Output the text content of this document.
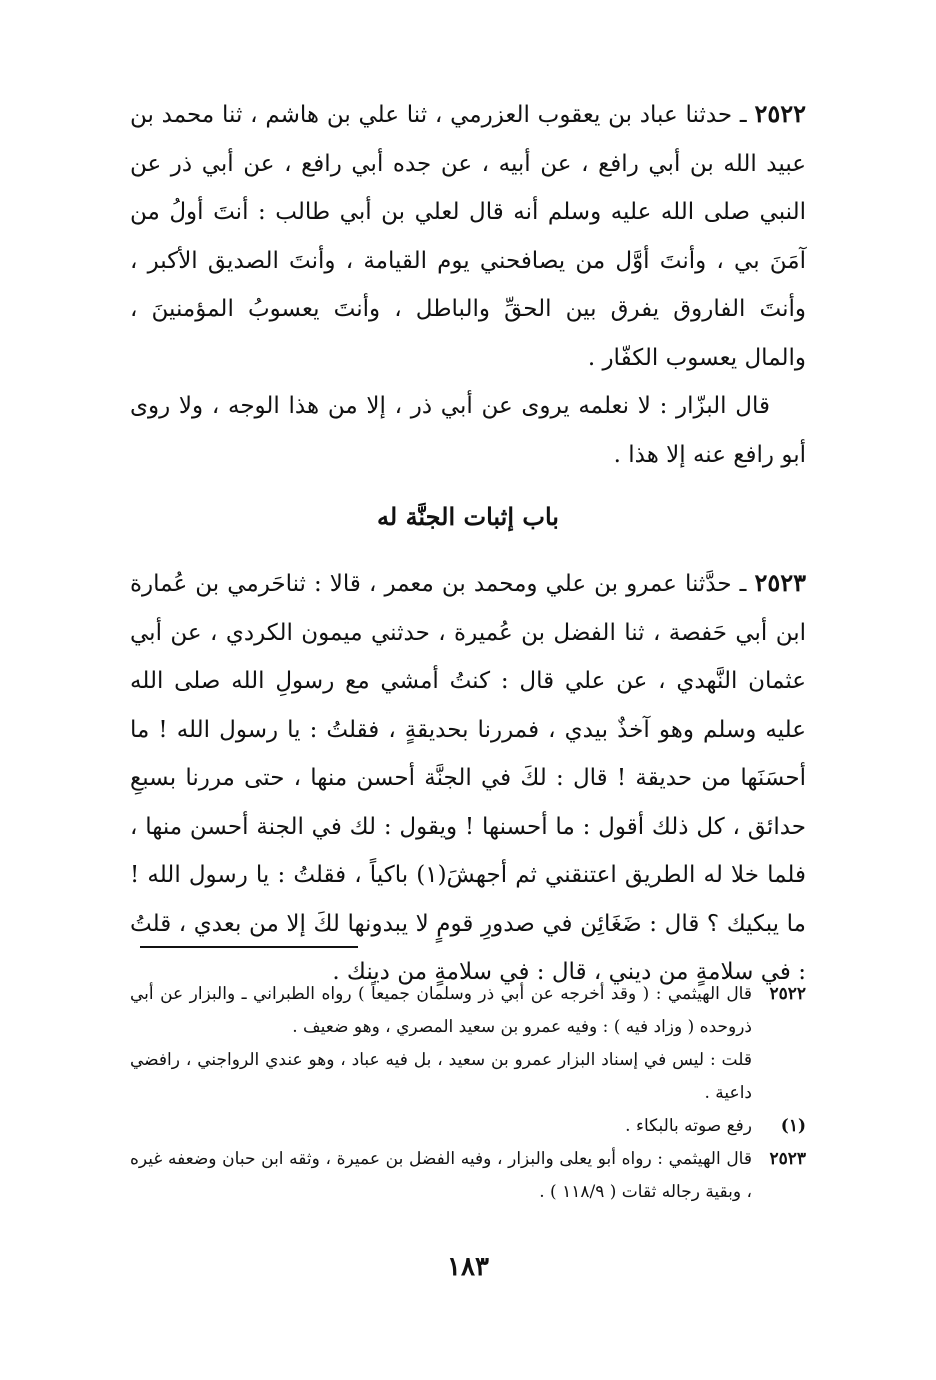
٢٥٢٢ ـ حدثنا عباد بن يعقوب العزرمي ، ثنا علي بن هاشم ، ثنا محمد بن عبيد الله بن أبي رافع ، عن أبيه ، عن جده أبي رافع ، عن أبي ذر عن النبي صلى الله عليه وسلم أنه قال لعلي بن أبي طالب : أنتَ أولُ من آمَنَ بي ، وأنتَ أوَّل من يصافحني يوم القيامة ، وأنتَ الصديق الأكبر ، وأنتَ الفاروق يفرق بين الحقِّ والباطل ، وأنتَ يعسوبُ المؤمنينَ ، والمال يعسوب الكفّار .

قال البزّار : لا نعلمه يروى عن أبي ذر ، إلا من هذا الوجه ، ولا روى أبو رافع عنه إلا هذا .

باب إثبات الجنَّة له

٢٥٢٣ ـ حدَّثنا عمرو بن علي ومحمد بن معمر ، قالا : ثناحَرمي بن عُمارة ابن أبي حَفصة ، ثنا الفضل بن عُميرة ، حدثني ميمون الكردي ، عن أبي عثمان النَّهدي ، عن علي قال : كنتُ أمشي مع رسولِ الله صلى الله عليه وسلم وهو آخذٌ بيدي ، فمررنا بحديقةٍ ، فقلتُ : يا رسول الله ! ما أحسَنَها من حديقة ! قال : لكَ في الجنَّة أحسن منها ، حتى مررنا بسبعِ حدائق ، كل ذلك أقول : ما أحسنها ! ويقول : لك في الجنة أحسن منها ، فلما خلا له الطريق اعتنقني ثم أجهشَ(١) باكياً ، فقلتُ : يا رسول الله ! ما يبكيك ؟ قال : ضَغَائِن في صدورِ قومٍ لا يبدونها لكَ إلا من بعدي ، قلتُ : في سلامةٍ من ديني ، قال : في سلامةٍ من دينك .

٢٥٢٢

قال الهيثمي : ( وقد أخرجه عن أبي ذر وسلمان جميعاً ) رواه الطبراني ـ والبزار عن أبي ذروحده ( وزاد فيه ) : وفيه عمرو بن سعيد المصري ، وهو ضعيف .

قلت : ليس في إسناد البزار عمرو بن سعيد ، بل فيه عباد ، وهو عندي الرواجني ، رافضي داعية .

(١)

رفع صوته بالبكاء .

٢٥٢٣

قال الهيثمي : رواه أبو يعلى والبزار ، وفيه الفضل بن عميرة ، وثقه ابن حبان وضعفه غيره ، وبقية رجاله ثقات ( ١١٨/٩ ) .

١٨٣
